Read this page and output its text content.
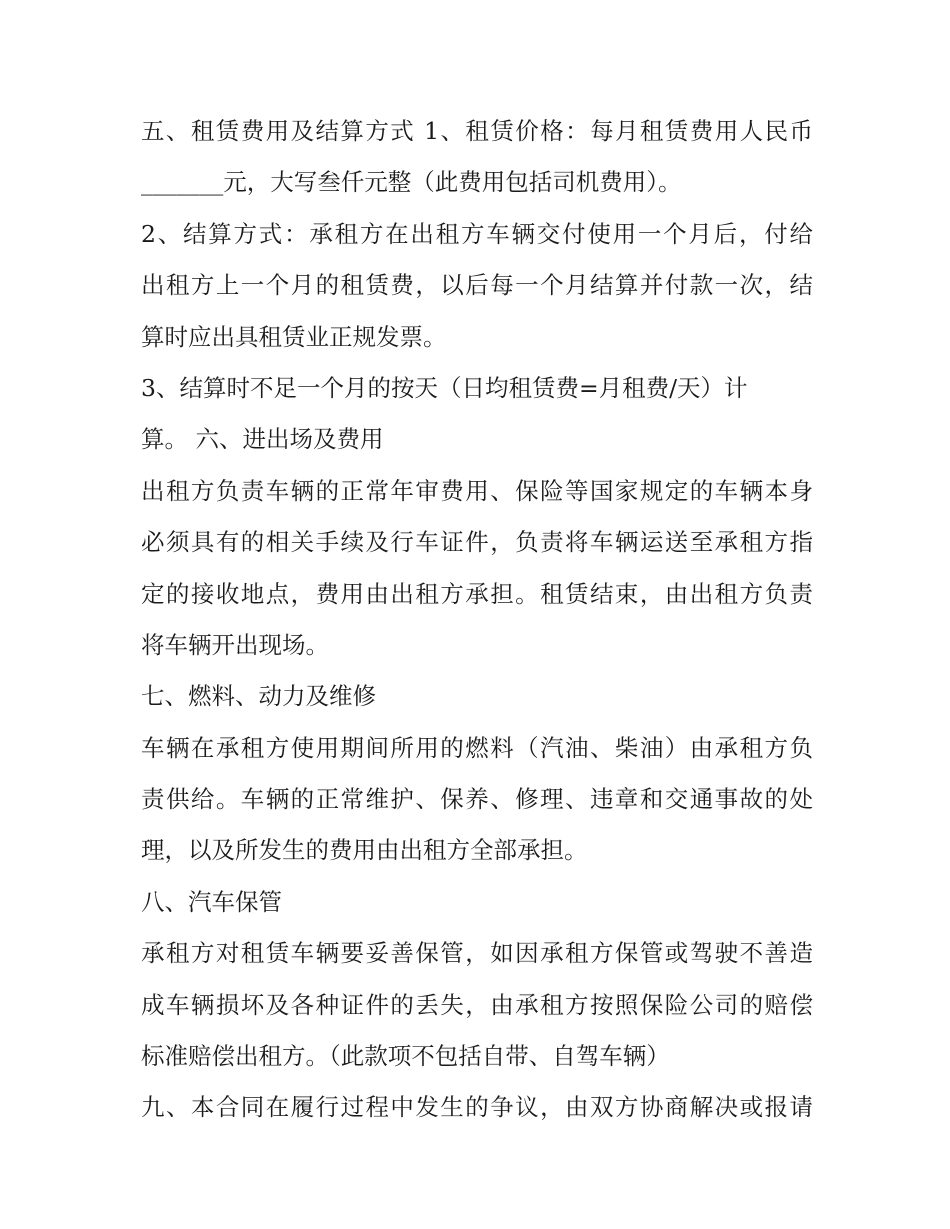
五、租赁费用及结算方式 1、租赁价格：每月租赁费用人民币
_______元，大写叁仟元整（此费用包括司机费用）。
2、结算方式：承租方在出租方车辆交付使用一个月后，付给
出租方上一个月的租赁费，以后每一个月结算并付款一次，结
算时应出具租赁业正规发票。
3、结算时不足一个月的按天（日均租赁费=月租费/天）计
算。 六、进出场及费用
出租方负责车辆的正常年审费用、保险等国家规定的车辆本身
必须具有的相关手续及行车证件，负责将车辆运送至承租方指
定的接收地点，费用由出租方承担。租赁结束，由出租方负责
将车辆开出现场。
七、燃料、动力及维修
车辆在承租方使用期间所用的燃料（汽油、柴油）由承租方负
责供给。车辆的正常维护、保养、修理、违章和交通事故的处
理，以及所发生的费用由出租方全部承担。
八、汽车保管
承租方对租赁车辆要妥善保管，如因承租方保管或驾驶不善造
成车辆损坏及各种证件的丢失，由承租方按照保险公司的赔偿
标准赔偿出租方。（此款项不包括自带、自驾车辆）
九、本合同在履行过程中发生的争议，由双方协商解决或报请
